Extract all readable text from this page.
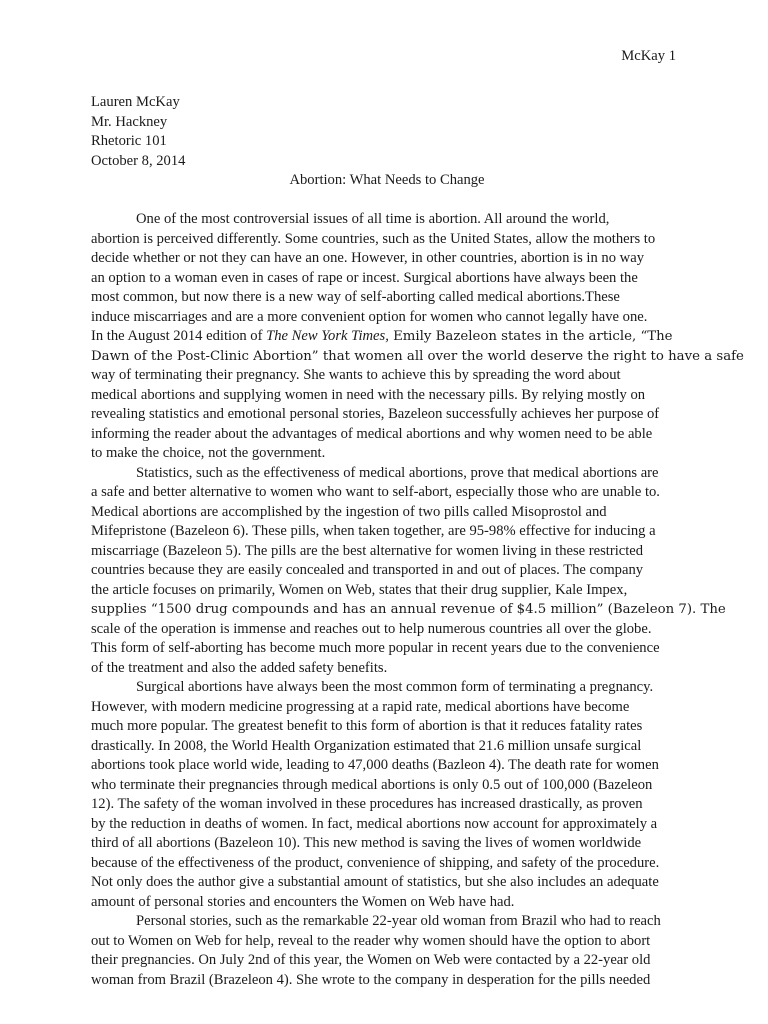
McKay 1
Lauren McKay
Mr. Hackney
Rhetoric 101
October 8, 2014
Abortion: What Needs to Change
One of the most controversial issues of all time is abortion. All around the world,
abortion is perceived differently. Some countries, such as the United States, allow the mothers to
decide whether or not they can have an one. However, in other countries, abortion is in no way
an option to a woman even in cases of rape or incest. Surgical abortions have always been the
most common, but now there is a new way of self-aborting called medical abortions.These
induce miscarriages and are a more convenient option for women who cannot legally have one.
In the August 2014 edition of The New York Times, Emily Bazeleon states in the article, “The
Dawn of the Post-Clinic Abortion” that women all over the world deserve the right to have a safe
way of terminating their pregnancy. She wants to achieve this by spreading the word about
medical abortions and supplying women in need with the necessary pills. By relying mostly on
revealing statistics and emotional personal stories, Bazeleon successfully achieves her purpose of
informing the reader about the advantages of medical abortions and why women need to be able
to make the choice, not the government.
Statistics, such as the effectiveness of medical abortions, prove that medical abortions are
a safe and better alternative to women who want to self-abort, especially those who are unable to.
Medical abortions are accomplished by the ingestion of two pills called Misoprostol and
Mifepristone (Bazeleon 6). These pills, when taken together, are 95-98% effective for inducing a
miscarriage (Bazeleon 5). The pills are the best alternative for women living in these restricted
countries because they are easily concealed and transported in and out of places. The company
the article focuses on primarily, Women on Web, states that their drug supplier, Kale Impex,
supplies “1500 drug compounds and has an annual revenue of $4.5 million” (Bazeleon 7). The
scale of the operation is immense and reaches out to help numerous countries all over the globe.
This form of self-aborting has become much more popular in recent years due to the convenience
of the treatment and also the added safety benefits.
Surgical abortions have always been the most common form of terminating a pregnancy.
However, with modern medicine progressing at a rapid rate, medical abortions have become
much more popular. The greatest benefit to this form of abortion is that it reduces fatality rates
drastically. In 2008, the World Health Organization estimated that 21.6 million unsafe surgical
abortions took place world wide, leading to 47,000 deaths (Bazleon 4). The death rate for women
who terminate their pregnancies through medical abortions is only 0.5 out of 100,000 (Bazeleon
12). The safety of the woman involved in these procedures has increased drastically, as proven
by the reduction in deaths of women. In fact, medical abortions now account for approximately a
third of all abortions (Bazeleon 10). This new method is saving the lives of women worldwide
because of the effectiveness of the product, convenience of shipping, and safety of the procedure.
Not only does the author give a substantial amount of statistics, but she also includes an adequate
amount of personal stories and encounters the Women on Web have had.
Personal stories, such as the remarkable 22-year old woman from Brazil who had to reach
out to Women on Web for help, reveal to the reader why women should have the option to abort
their pregnancies. On July 2nd of this year, the Women on Web were contacted by a 22-year old
woman from Brazil (Brazeleon 4). She wrote to the company in desperation for the pills needed
